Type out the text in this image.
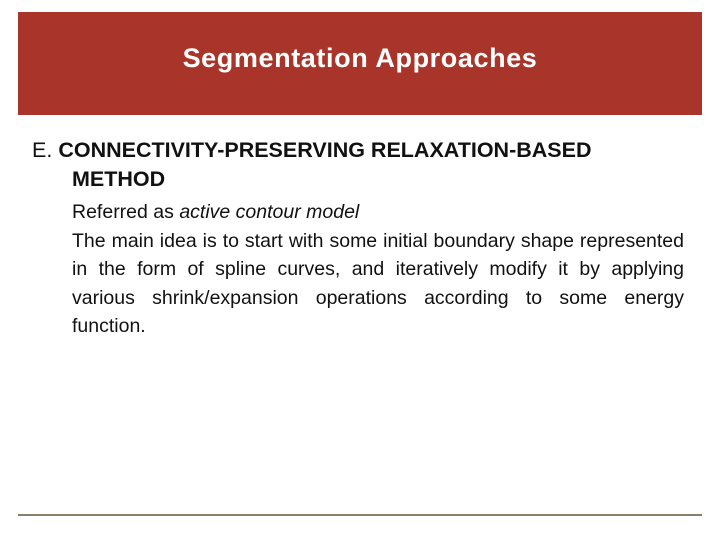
Segmentation Approaches

E. CONNECTIVITY-PRESERVING RELAXATION-BASED METHOD

Referred as active contour model
The main idea is to start with some initial boundary shape represented in the form of spline curves, and iteratively modify it by applying various shrink/expansion operations according to some energy function.
